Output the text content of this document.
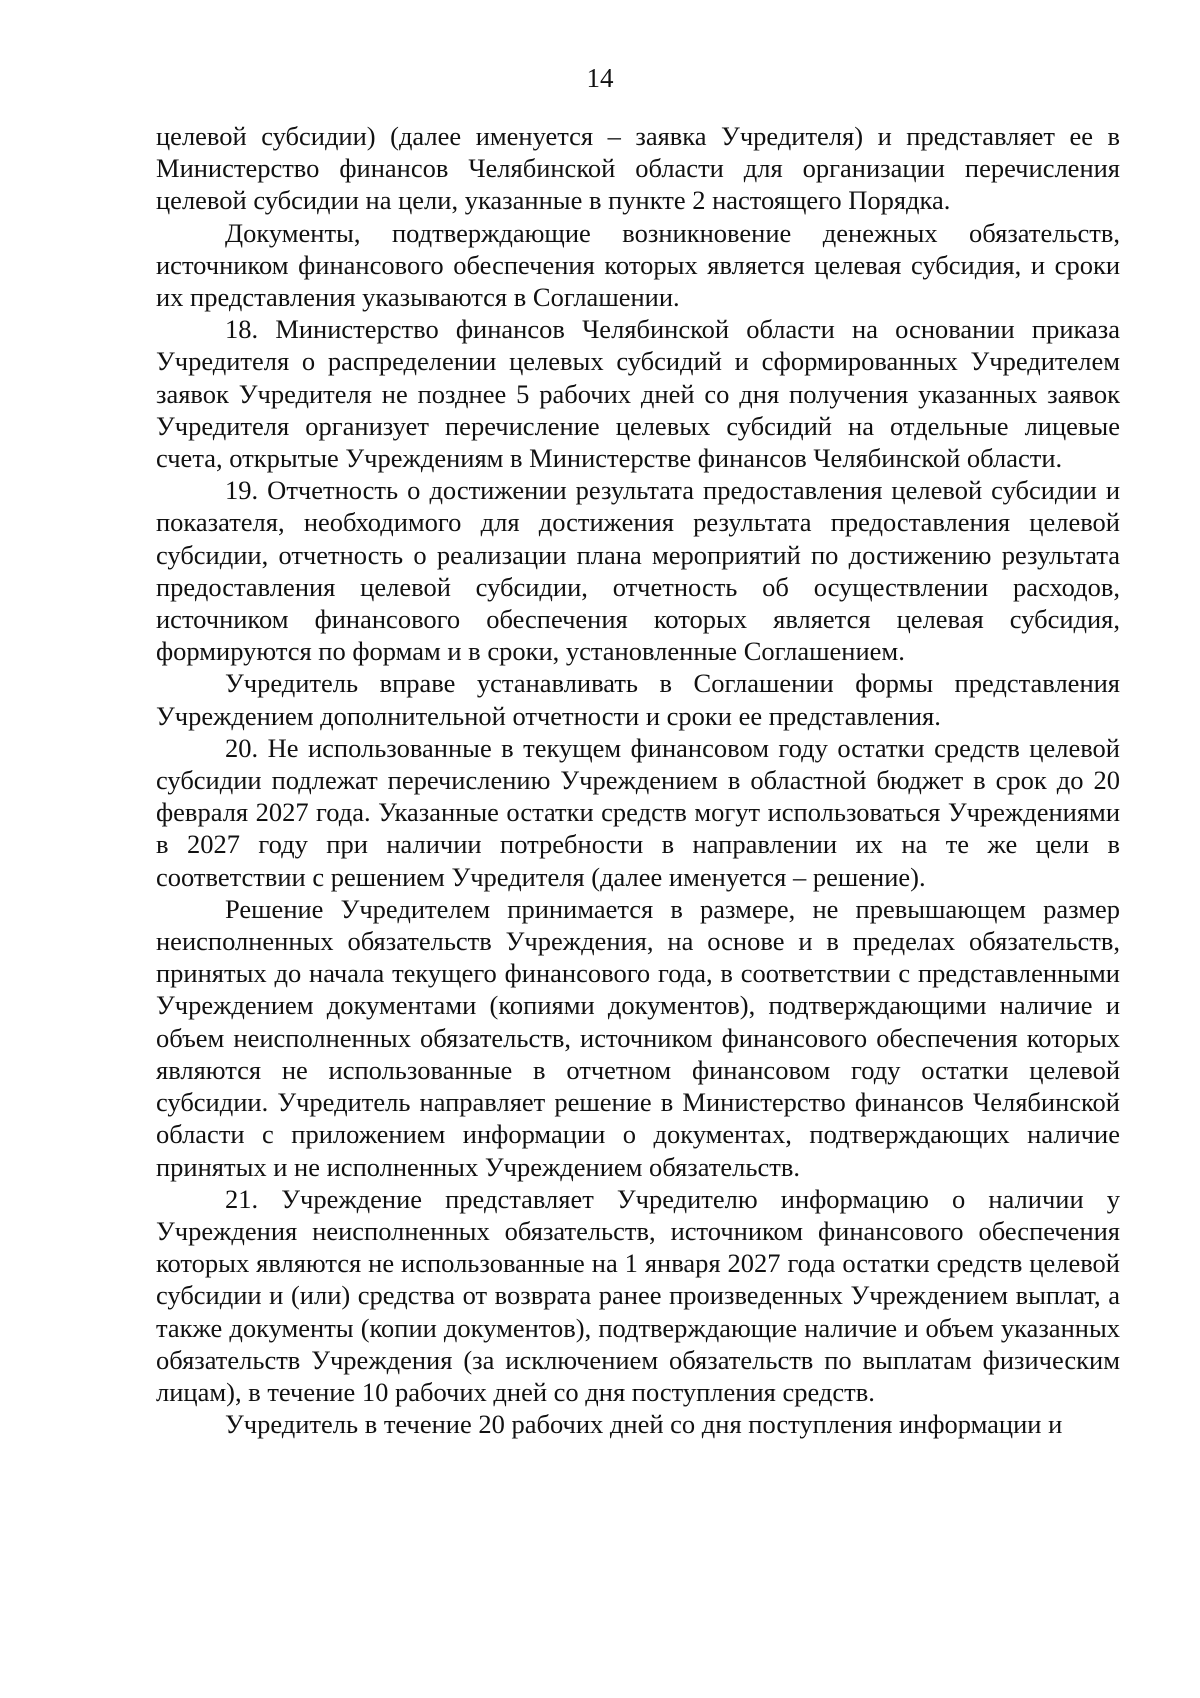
14

целевой субсидии) (далее именуется – заявка Учредителя) и представляет ее в Министерство финансов Челябинской области для организации перечисления целевой субсидии на цели, указанные в пункте 2 настоящего Порядка.

Документы, подтверждающие возникновение денежных обязательств, источником финансового обеспечения которых является целевая субсидия, и сроки их представления указываются в Соглашении.

18. Министерство финансов Челябинской области на основании приказа Учредителя о распределении целевых субсидий и сформированных Учредителем заявок Учредителя не позднее 5 рабочих дней со дня получения указанных заявок Учредителя организует перечисление целевых субсидий на отдельные лицевые счета, открытые Учреждениям в Министерстве финансов Челябинской области.

19. Отчетность о достижении результата предоставления целевой субсидии и показателя, необходимого для достижения результата предоставления целевой субсидии, отчетность о реализации плана мероприятий по достижению результата предоставления целевой субсидии, отчетность об осуществлении расходов, источником финансового обеспечения которых является целевая субсидия, формируются по формам и в сроки, установленные Соглашением.

Учредитель вправе устанавливать в Соглашении формы представления Учреждением дополнительной отчетности и сроки ее представления.

20. Не использованные в текущем финансовом году остатки средств целевой субсидии подлежат перечислению Учреждением в областной бюджет в срок до 20 февраля 2027 года. Указанные остатки средств могут использоваться Учреждениями в 2027 году при наличии потребности в направлении их на те же цели в соответствии с решением Учредителя (далее именуется – решение).

Решение Учредителем принимается в размере, не превышающем размер неисполненных обязательств Учреждения, на основе и в пределах обязательств, принятых до начала текущего финансового года, в соответствии с представленными Учреждением документами (копиями документов), подтверждающими наличие и объем неисполненных обязательств, источником финансового обеспечения которых являются не использованные в отчетном финансовом году остатки целевой субсидии. Учредитель направляет решение в Министерство финансов Челябинской области с приложением информации о документах, подтверждающих наличие принятых и не исполненных Учреждением обязательств.

21. Учреждение представляет Учредителю информацию о наличии у Учреждения неисполненных обязательств, источником финансового обеспечения которых являются не использованные на 1 января 2027 года остатки средств целевой субсидии и (или) средства от возврата ранее произведенных Учреждением выплат, а также документы (копии документов), подтверждающие наличие и объем указанных обязательств Учреждения (за исключением обязательств по выплатам физическим лицам), в течение 10 рабочих дней со дня поступления средств.

Учредитель в течение 20 рабочих дней со дня поступления информации и
